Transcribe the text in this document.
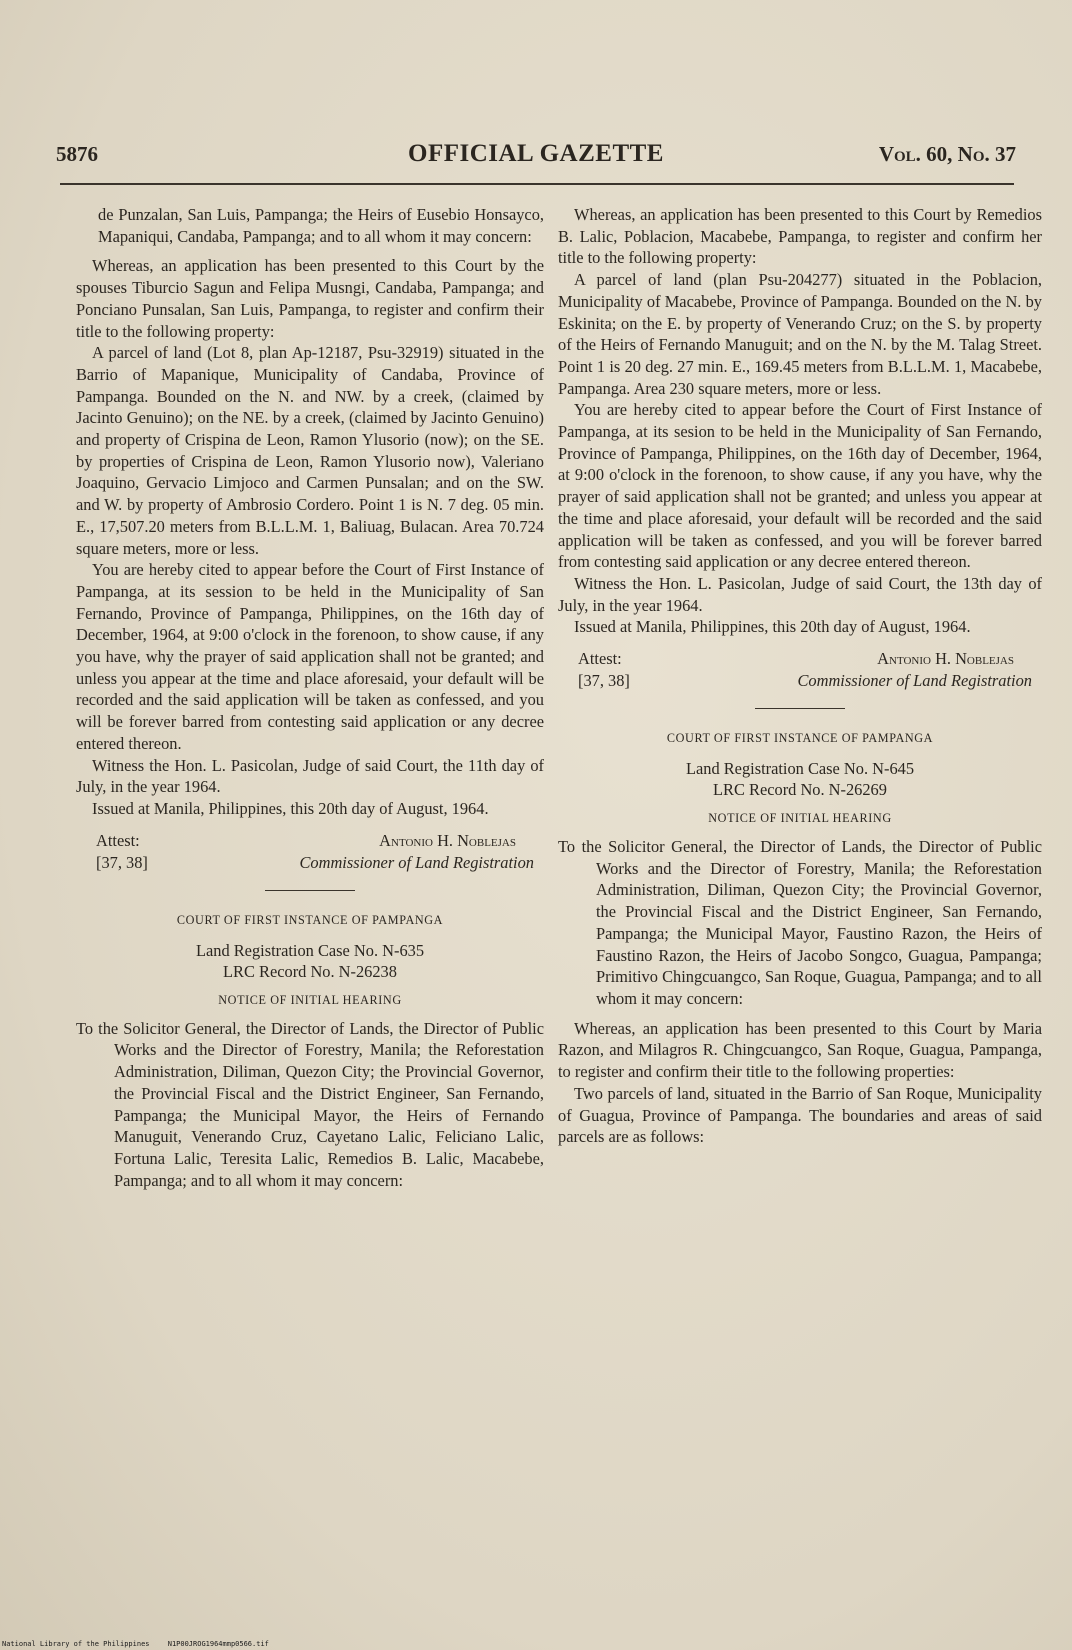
5876	OFFICIAL GAZETTE	Vol. 60, No. 37

de Punzalan, San Luis, Pampanga; the Heirs of Eusebio Honsayco, Mapaniqui, Candaba, Pampanga; and to all whom it may concern:

Whereas, an application has been presented to this Court by the spouses Tiburcio Sagun and Felipa Musngi, Candaba, Pampanga; and Ponciano Punsalan, San Luis, Pampanga, to register and confirm their title to the following property:

A parcel of land (Lot 8, plan Ap-12187, Psu-32919) situated in the Barrio of Mapanique, Municipality of Candaba, Province of Pampanga. Bounded on the N. and NW. by a creek, (claimed by Jacinto Genuino); on the NE. by a creek, (claimed by Jacinto Genuino) and property of Crispina de Leon, Ramon Ylusorio (now); on the SE. by properties of Crispina de Leon, Ramon Ylusorio now), Valeriano Joaquino, Gervacio Limjoco and Carmen Punsalan; and on the SW. and W. by property of Ambrosio Cordero. Point 1 is N. 7 deg. 05 min. E., 17,507.20 meters from B.L.L.M. 1, Baliuag, Bulacan. Area 70.724 square meters, more or less.

You are hereby cited to appear before the Court of First Instance of Pampanga, at its session to be held in the Municipality of San Fernando, Province of Pampanga, Philippines, on the 16th day of December, 1964, at 9:00 o'clock in the forenoon, to show cause, if any you have, why the prayer of said application shall not be granted; and unless you appear at the time and place aforesaid, your default will be recorded and the said application will be taken as confessed, and you will be forever barred from contesting said application or any decree entered thereon.

Witness the Hon. L. Pasicolan, Judge of said Court, the 11th day of July, in the year 1964.

Issued at Manila, Philippines, this 20th day of August, 1964.

Attest:	Antonio H. Noblejas
[37, 38]	Commissioner of Land Registration
COURT OF FIRST INSTANCE OF PAMPANGA
Land Registration Case No. N-635
LRC Record No. N-26238
NOTICE OF INITIAL HEARING

To the Solicitor General, the Director of Lands, the Director of Public Works and the Director of Forestry, Manila; the Reforestation Administration, Diliman, Quezon City; the Provincial Governor, the Provincial Fiscal and the District Engineer, San Fernando, Pampanga; the Municipal Mayor, the Heirs of Fernando Manuguit, Venerando Cruz, Cayetano Lalic, Feliciano Lalic, Fortuna Lalic, Teresita Lalic, Remedios B. Lalic, Macabebe, Pampanga; and to all whom it may concern:

Whereas, an application has been presented to this Court by Remedios B. Lalic, Poblacion, Macabebe, Pampanga, to register and confirm her title to the following property:

A parcel of land (plan Psu-204277) situated in the Poblacion, Municipality of Macabebe, Province of Pampanga. Bounded on the N. by Eskinita; on the E. by property of Venerando Cruz; on the S. by property of the Heirs of Fernando Manuguit; and on the N. by the M. Talag Street. Point 1 is 20 deg. 27 min. E., 169.45 meters from B.L.L.M. 1, Macabebe, Pampanga. Area 230 square meters, more or less.

You are hereby cited to appear before the Court of First Instance of Pampanga, at its sesion to be held in the Municipality of San Fernando, Province of Pampanga, Philippines, on the 16th day of December, 1964, at 9:00 o'clock in the forenoon, to show cause, if any you have, why the prayer of said application shall not be granted; and unless you appear at the time and place aforesaid, your default will be recorded and the said application will be taken as confessed, and you will be forever barred from contesting said application or any decree entered thereon.

Witness the Hon. L. Pasicolan, Judge of said Court, the 13th day of July, in the year 1964.

Issued at Manila, Philippines, this 20th day of August, 1964.

Attest:	Antonio H. Noblejas
[37, 38]	Commissioner of Land Registration
COURT OF FIRST INSTANCE OF PAMPANGA
Land Registration Case No. N-645
LRC Record No. N-26269
NOTICE OF INITIAL HEARING

To the Solicitor General, the Director of Lands, the Director of Public Works and the Director of Forestry, Manila; the Reforestation Administration, Diliman, Quezon City; the Provincial Governor, the Provincial Fiscal and the District Engineer, San Fernando, Pampanga; the Municipal Mayor, Faustino Razon, the Heirs of Faustino Razon, the Heirs of Jacobo Songco, Guagua, Pampanga; Primitivo Chingcuangco, San Roque, Guagua, Pampanga; and to all whom it may concern:

Whereas, an application has been presented to this Court by Maria Razon, and Milagros R. Chingcuangco, San Roque, Guagua, Pampanga, to register and confirm their title to the following properties:

Two parcels of land, situated in the Barrio of San Roque, Municipality of Guagua, Province of Pampanga. The boundaries and areas of said parcels are as follows:

National Library of the Philippines	N1P00JROG1964mmp0566.tif
